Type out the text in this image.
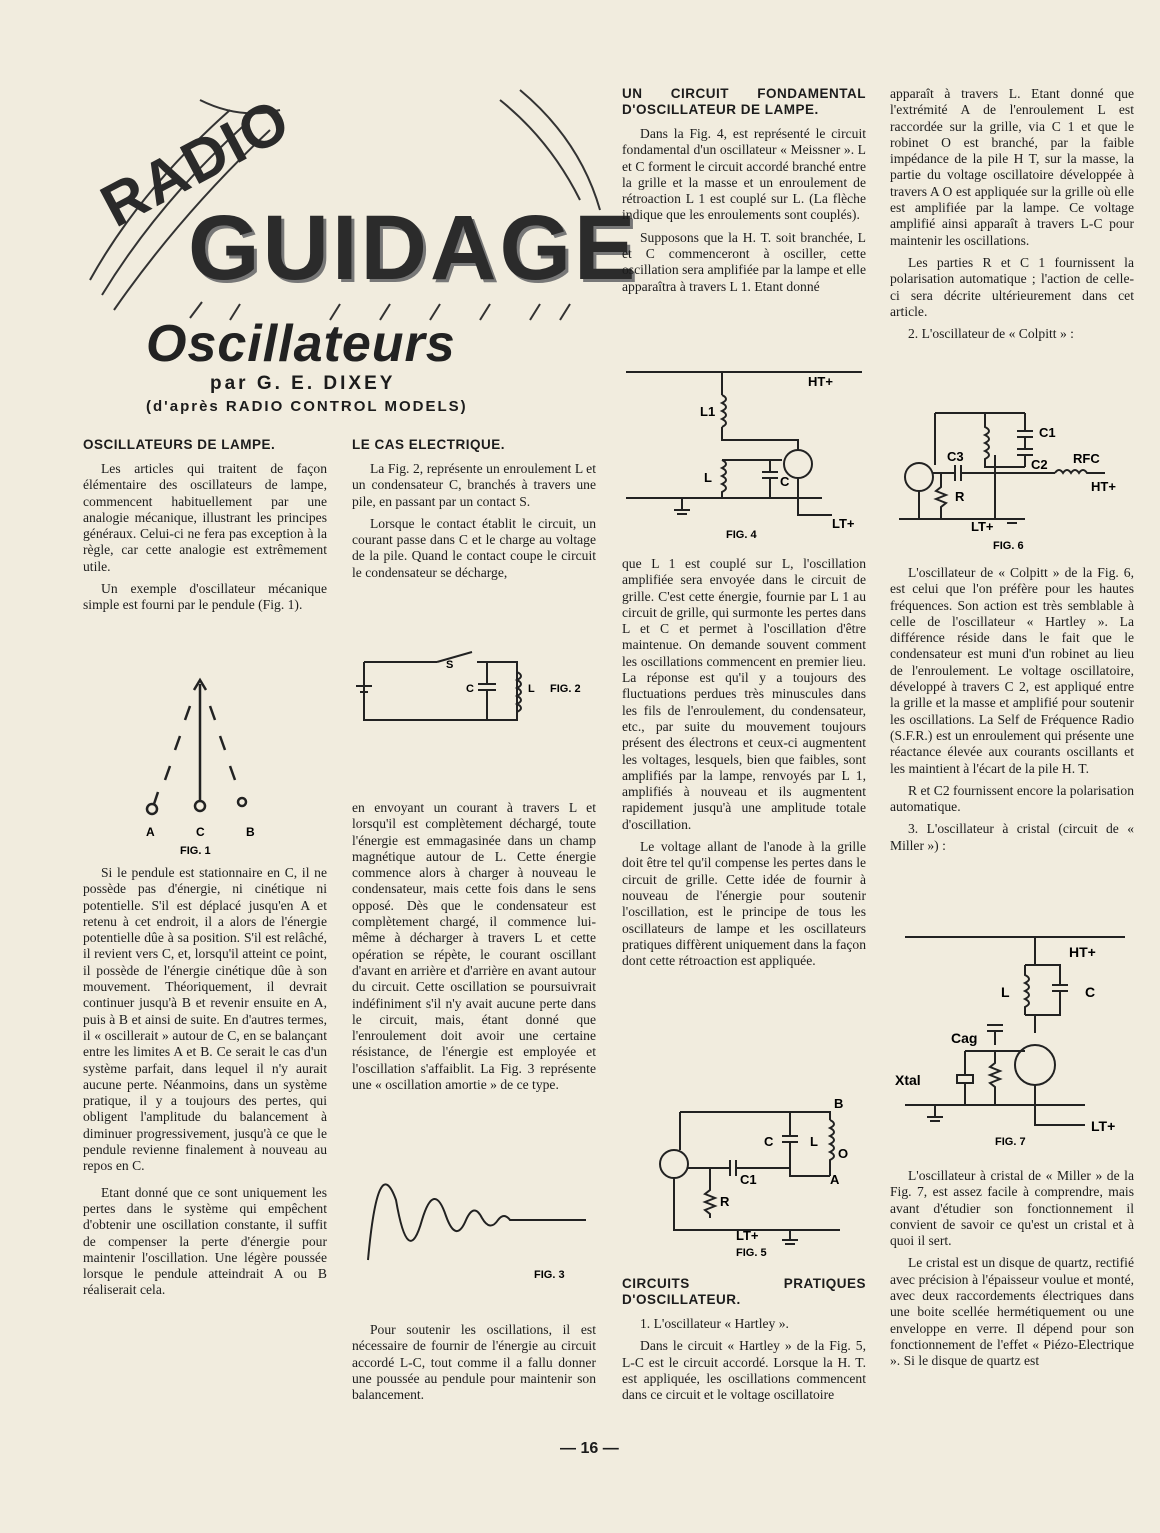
RADIO
GUIDAGE
Oscillateurs
par G. E. DIXEY
(d'après RADIO CONTROL MODELS)
OSCILLATEURS DE LAMPE.

Les articles qui traitent de façon élémentaire des oscillateurs de lampe, commencent habituellement par une analogie mécanique, illustrant les principes généraux. Celui-ci ne fera pas exception à la règle, car cette analogie est extrêmement utile.

Un exemple d'oscillateur mécanique simple est fourni par le pendule (Fig. 1).

A	C	B
FIG. 1

Si le pendule est stationnaire en C, il ne possède pas d'énergie, ni cinétique ni potentielle. S'il est déplacé jusqu'en A et retenu à cet endroit, il a alors de l'énergie potentielle dûe à sa position. S'il est relâché, il revient vers C, et, lorsqu'il atteint ce point, il possède de l'énergie cinétique dûe à son mouvement. Théoriquement, il devrait continuer jusqu'à B et revenir ensuite en A, puis à B et ainsi de suite. En d'autres termes, il « oscillerait » autour de C, en se balançant entre les limites A et B. Ce serait le cas d'un système parfait, dans lequel il n'y aurait aucune perte. Néanmoins, dans un système pratique, il y a toujours des pertes, qui obligent l'amplitude du balancement à diminuer progressivement, jusqu'à ce que le pendule revienne finalement à nouveau au repos en C.

Etant donné que ce sont uniquement les pertes dans le système qui empêchent d'obtenir une oscillation constante, il suffit de compenser la perte d'énergie pour maintenir l'oscillation. Une légère poussée lorsque le pendule atteindrait A ou B réaliserait cela.

LE CAS ELECTRIQUE.

La Fig. 2, représente un enroulement L et un condensateur C, branchés à travers une pile, en passant par un contact S.

Lorsque le contact établit le circuit, un courant passe dans C et le charge au voltage de la pile. Quand le contact coupe le circuit le condensateur se décharge,

S
C	L FIG. 2

en envoyant un courant à travers L et lorsqu'il est complètement déchargé, toute l'énergie est emmagasinée dans un champ magnétique autour de L. Cette énergie commence alors à charger à nouveau le condensateur, mais cette fois dans le sens opposé. Dès que le condensateur est complètement chargé, il commence lui-même à décharger à travers L et cette opération se répète, le courant oscillant d'avant en arrière et d'arrière en avant autour du circuit. Cette oscillation se poursuivrait indéfiniment s'il n'y avait aucune perte dans le circuit, mais, étant donné que l'enroulement doit avoir une certaine résistance, de l'énergie est employée et l'oscillation s'affaiblit. La Fig. 3 représente une « oscillation amortie » de ce type.

FIG. 3

Pour soutenir les oscillations, il est nécessaire de fournir de l'énergie au circuit accordé L-C, tout comme il a fallu donner une poussée au pendule pour maintenir son balancement.

UN CIRCUIT FONDAMENTAL D'OSCILLATEUR DE LAMPE.

Dans la Fig. 4, est représenté le circuit fondamental d'un oscillateur « Meissner ». L et C forment le circuit accordé branché entre la grille et la masse et un enroulement de rétroaction L 1 est couplé sur L. (La flèche indique que les enroulements sont couplés).

Supposons que la H. T. soit branchée, L et C commenceront à osciller, cette oscillation sera amplifiée par la lampe et elle apparaîtra à travers L 1. Etant donné

HT+
L1
L	C
LT+
FIG. 4

que L 1 est couplé sur L, l'oscillation amplifiée sera envoyée dans le circuit de grille. C'est cette énergie, fournie par L 1 au circuit de grille, qui surmonte les pertes dans L et C et permet à l'oscillation d'être maintenue. On demande souvent comment les oscillations commencent en premier lieu. La réponse est qu'il y a toujours des fluctuations perdues très minuscules dans les fils de l'enroulement, du condensateur, etc., par suite du mouvement toujours présent des électrons et ceux-ci augmentent les voltages, lesquels, bien que faibles, sont amplifiés par la lampe, renvoyés par L 1, amplifiés à nouveau et ils augmentent rapidement jusqu'à une amplitude totale d'oscillation.

Le voltage allant de l'anode à la grille doit être tel qu'il compense les pertes dans le circuit de grille. Cette idée de fournir à nouveau de l'énergie pour soutenir l'oscillation, est le principe de tous les oscillateurs de lampe et les oscillateurs pratiques diffèrent uniquement dans la façon dont cette rétroaction est appliquée.

B
C	L
O
C1	A
R
LT+
FIG. 5
CIRCUITS PRATIQUES D'OSCILLATEUR.

1. L'oscillateur « Hartley ».

Dans le circuit « Hartley » de la Fig. 5, L-C est le circuit accordé. Lorsque la H. T. est appliquée, les oscillations commencent dans ce circuit et le voltage oscillatoire

apparaît à travers L. Etant donné que l'extrémité A de l'enroulement L est raccordée sur la grille, via C 1 et que le robinet O est branché, par la faible impédance de la pile H T, sur la masse, la partie du voltage oscillatoire développée à travers A O est appliquée sur la grille où elle est amplifiée par la lampe. Ce voltage amplifié ainsi apparaît à travers L-C pour maintenir les oscillations.

Les parties R et C 1 fournissent la polarisation automatique ; l'action de celle-ci sera décrite ultérieurement dans cet article.

2. L'oscillateur de « Colpitt » :

C3
C1
C2 RFC
HT+
R
LT+
FIG. 6

L'oscillateur de « Colpitt » de la Fig. 6, est celui que l'on préfère pour les hautes fréquences. Son action est très semblable à celle de l'oscillateur « Hartley ». La différence réside dans le fait que le condensateur est muni d'un robinet au lieu de l'enroulement. Le voltage oscillatoire, développé à travers C 2, est appliqué entre la grille et la masse et amplifié pour soutenir les oscillations. La Self de Fréquence Radio (S.F.R.) est un enroulement qui présente une réactance élevée aux courants oscillants et les maintient à l'écart de la pile H. T.

R et C2 fournissent encore la polarisation automatique.

3. L'oscillateur à cristal (circuit de « Miller ») :

HT+
L	C
Cag
Xtal
LT+
FIG. 7

L'oscillateur à cristal de « Miller » de la Fig. 7, est assez facile à comprendre, mais avant d'étudier son fonctionnement il convient de savoir ce qu'est un cristal et à quoi il sert.

Le cristal est un disque de quartz, rectifié avec précision à l'épaisseur voulue et monté, avec deux raccordements électriques dans une boite scellée hermétiquement ou une enveloppe en verre. Il dépend pour son fonctionnement de l'effet « Piézo-Electrique ». Si le disque de quartz est

— 16 —
